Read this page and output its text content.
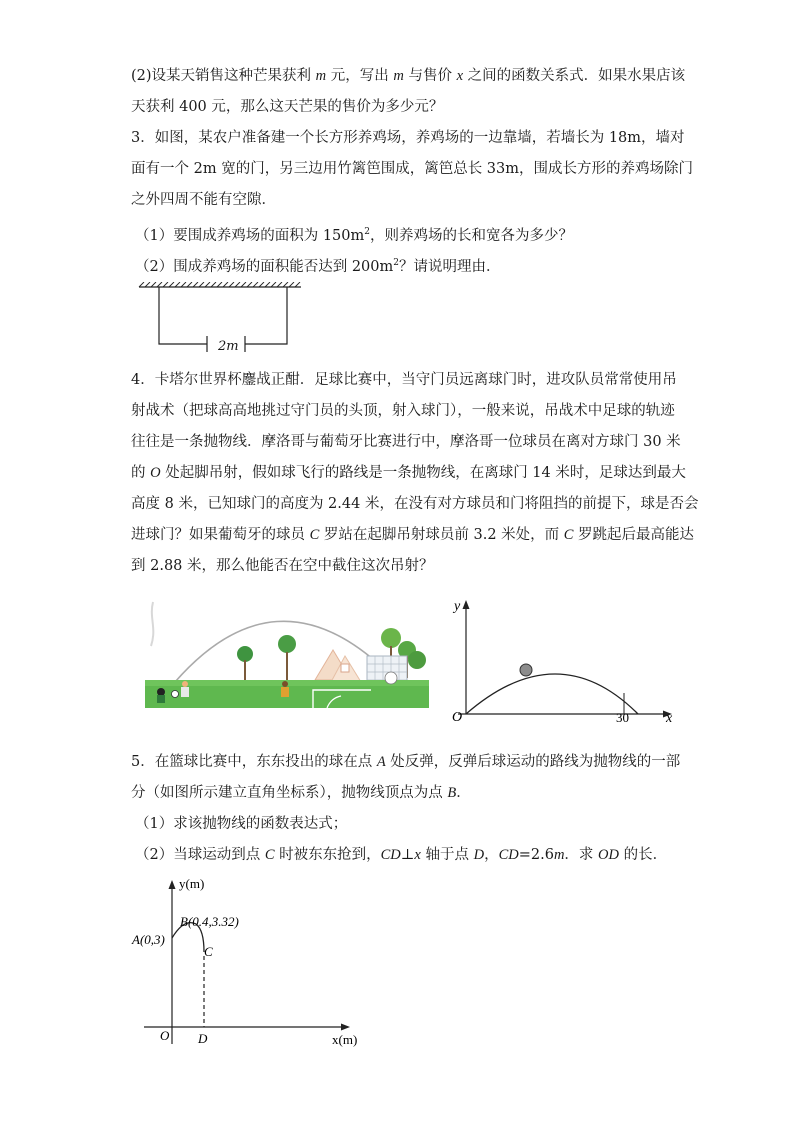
(2)设某天销售这种芒果获利 m 元，写出 m 与售价 x 之间的函数关系式．如果水果店该
天获利 400 元，那么这天芒果的售价为多少元？
3．如图，某农户准备建一个长方形养鸡场，养鸡场的一边靠墙，若墙长为 18m，墙对
面有一个 2m 宽的门，另三边用竹篱笆围成，篱笆总长 33m，围成长方形的养鸡场除门
之外四周不能有空隙．
（1）要围成养鸡场的面积为 $150m^2$，则养鸡场的长和宽各为多少？
（2）围成养鸡场的面积能否达到 $200m^2$？请说明理由．
2m
4．卡塔尔世界杯鏖战正酣．足球比赛中，当守门员远离球门时，进攻队员常常使用吊
射战术（把球高高地挑过守门员的头顶，射入球门），一般来说，吊战术中足球的轨迹
往往是一条抛物线．摩洛哥与葡萄牙比赛进行中，摩洛哥一位球员在离对方球门 30 米
的 O 处起脚吊射，假如球飞行的路线是一条抛物线，在离球门 14 米时，足球达到最大
高度 8 米，已知球门的高度为 2.44 米，在没有对方球员和门将阻挡的前提下，球是否会
进球门？如果葡萄牙的球员 C 罗站在起脚吊射球员前 3.2 米处，而 C 罗跳起后最高能达
到 2.88 米，那么他能否在空中截住这次吊射？
y
O	30	x
5．在篮球比赛中，东东投出的球在点 A 处反弹，反弹后球运动的路线为抛物线的一部
分（如图所示建立直角坐标系），抛物线顶点为点 B．
（1）求该抛物线的函数表达式；
（2）当球运动到点 C 时被东东抢到，CD⊥x 轴于点 D，CD=2.6m．求 OD 的长．
y(m)
A(0,3)
B(0.4,3.32)
C
O D	x(m)
